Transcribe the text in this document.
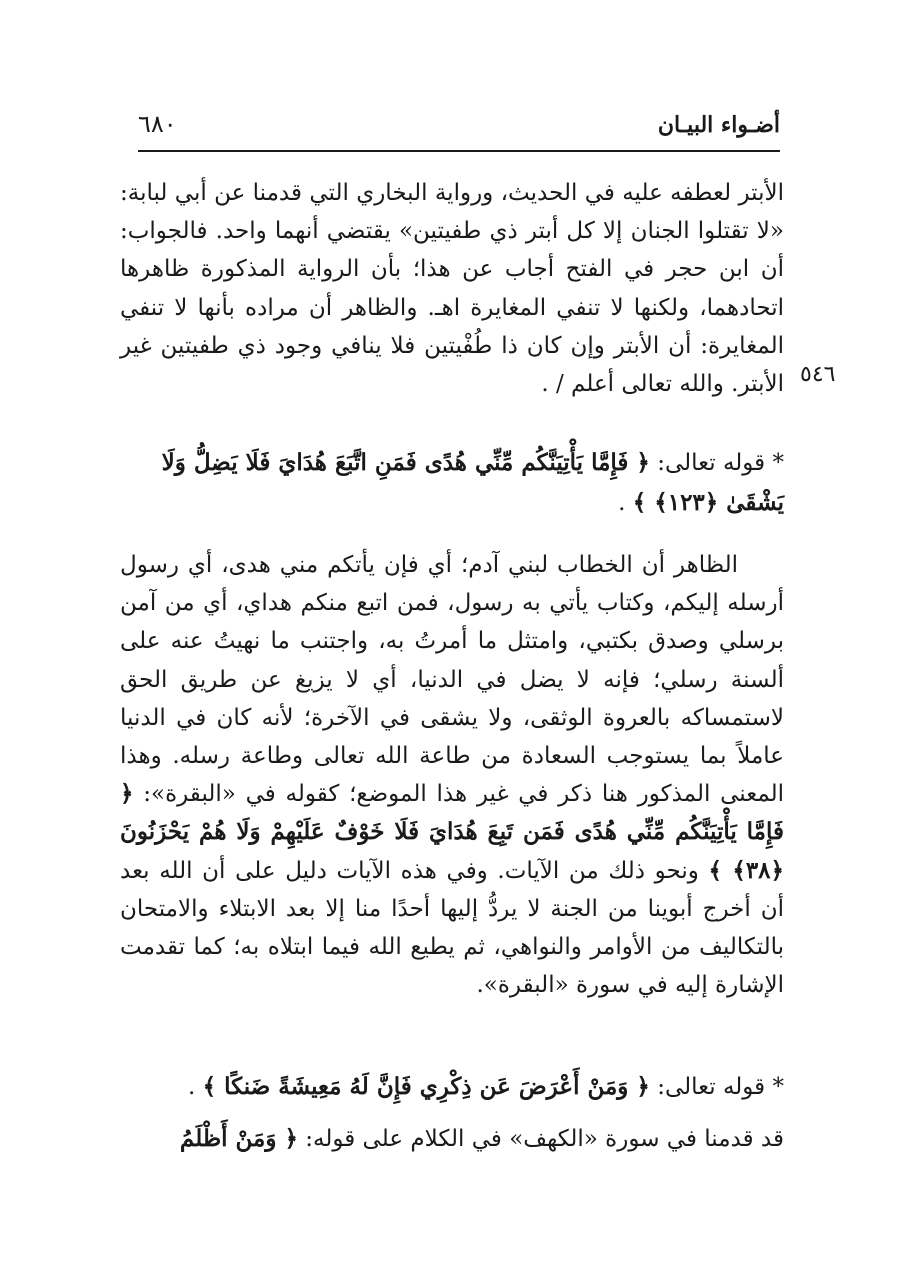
أضـواء البيـان
٦٨٠

الأبتر لعطفه عليه في الحديث، ورواية البخاري التي قدمنا عن أبي لبابة: «لا تقتلوا الجنان إلا كل أبتر ذي طفيتين» يقتضي أنهما واحد. فالجواب: أن ابن حجر في الفتح أجاب عن هذا؛ بأن الرواية المذكورة ظاهرها اتحادهما، ولكنها لا تنفي المغايرة اهـ. والظاهر أن مراده بأنها لا تنفي المغايرة: أن الأبتر وإن كان ذا طُفْيتين فلا ينافي وجود ذي طفيتين غير الأبتر. والله تعالى أعلم / . ٥٤٦
* قوله تعالى: ﴿ فَإِمَّا يَأْتِيَنَّكُم مِّنِّي هُدًى فَمَنِ اتَّبَعَ هُدَايَ فَلَا يَضِلُّ وَلَا يَشْقَىٰ ﴿١٢٣﴾ ﴾ .

الظاهر أن الخطاب لبني آدم؛ أي فإن يأتكم مني هدى، أي رسول أرسله إليكم، وكتاب يأتي به رسول، فمن اتبع منكم هداي، أي من آمن برسلي وصدق بكتبي، وامتثل ما أمرتُ به، واجتنب ما نهيتُ عنه على ألسنة رسلي؛ فإنه لا يضل في الدنيا، أي لا يزيغ عن طريق الحق لاستمساكه بالعروة الوثقى، ولا يشقى في الآخرة؛ لأنه كان في الدنيا عاملاً بما يستوجب السعادة من طاعة الله تعالى وطاعة رسله. وهذا المعنى المذكور هنا ذكر في غير هذا الموضع؛ كقوله في «البقرة»: ﴿ فَإِمَّا يَأْتِيَنَّكُم مِّنِّي هُدًى فَمَن تَبِعَ هُدَايَ فَلَا خَوْفٌ عَلَيْهِمْ وَلَا هُمْ يَحْزَنُونَ ﴿٣٨﴾ ﴾ ونحو ذلك من الآيات. وفي هذه الآيات دليل على أن الله بعد أن أخرج أبوينا من الجنة لا يردُّ إليها أحدًا منا إلا بعد الابتلاء والامتحان بالتكاليف من الأوامر والنواهي، ثم يطيع الله فيما ابتلاه به؛ كما تقدمت الإشارة إليه في سورة «البقرة».

* قوله تعالى: ﴿ وَمَنْ أَعْرَضَ عَن ذِكْرِي فَإِنَّ لَهُ مَعِيشَةً ضَنكًا ﴾ .

قد قدمنا في سورة «الكهف» في الكلام على قوله: ﴿ وَمَنْ أَظْلَمُ
